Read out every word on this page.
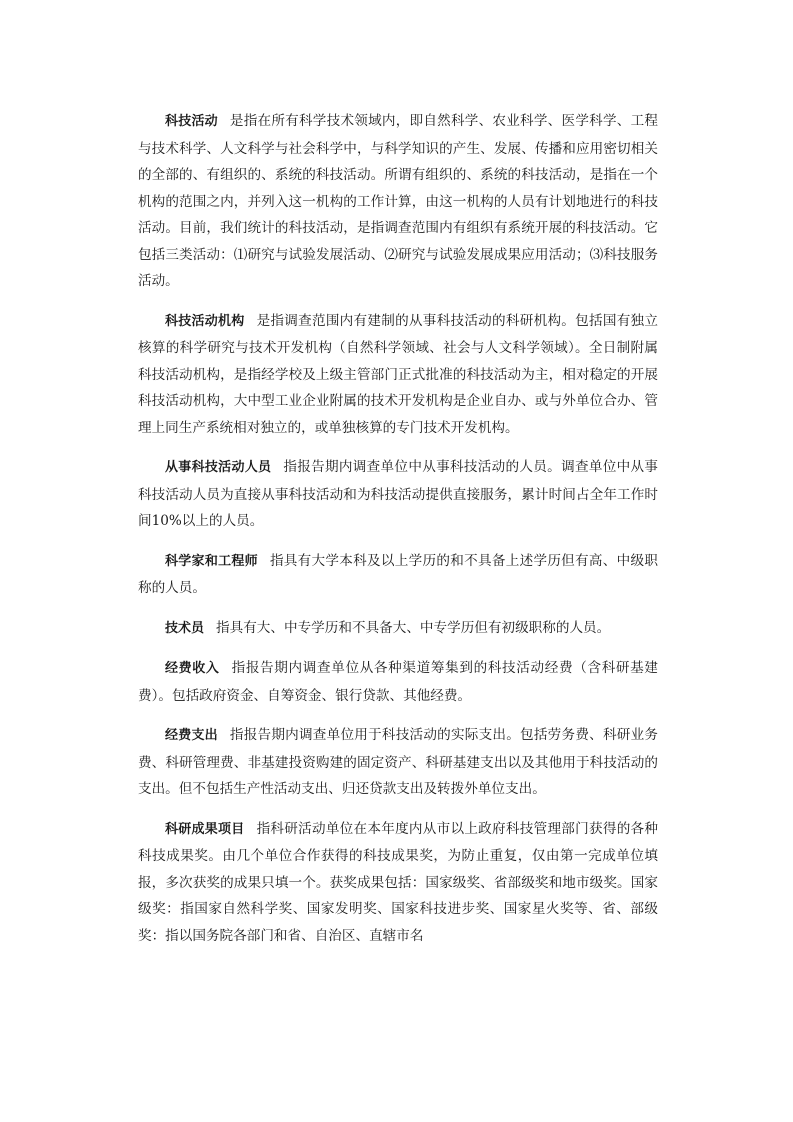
科技活动 是指在所有科学技术领域内，即自然科学、农业科学、医学科学、工程与技术科学、人文科学与社会科学中，与科学知识的产生、发展、传播和应用密切相关的全部的、有组织的、系统的科技活动。所谓有组织的、系统的科技活动，是指在一个机构的范围之内，并列入这一机构的工作计算，由这一机构的人员有计划地进行的科技活动。目前，我们统计的科技活动，是指调查范围内有组织有系统开展的科技活动。它包括三类活动：⑴研究与试验发展活动、⑵研究与试验发展成果应用活动；⑶科技服务活动。

科技活动机构 是指调查范围内有建制的从事科技活动的科研机构。包括国有独立核算的科学研究与技术开发机构（自然科学领域、社会与人文科学领域）。全日制附属科技活动机构，是指经学校及上级主管部门正式批准的科技活动为主，相对稳定的开展科技活动机构，大中型工业企业附属的技术开发机构是企业自办、或与外单位合办、管理上同生产系统相对独立的，或单独核算的专门技术开发机构。

从事科技活动人员 指报告期内调查单位中从事科技活动的人员。调查单位中从事科技活动人员为直接从事科技活动和为科技活动提供直接服务，累计时间占全年工作时间10%以上的人员。

科学家和工程师 指具有大学本科及以上学历的和不具备上述学历但有高、中级职称的人员。

技术员 指具有大、中专学历和不具备大、中专学历但有初级职称的人员。

经费收入 指报告期内调查单位从各种渠道筹集到的科技活动经费（含科研基建费）。包括政府资金、自筹资金、银行贷款、其他经费。

经费支出 指报告期内调查单位用于科技活动的实际支出。包括劳务费、科研业务费、科研管理费、非基建投资购建的固定资产、科研基建支出以及其他用于科技活动的支出。但不包括生产性活动支出、归还贷款支出及转拨外单位支出。

科研成果项目 指科研活动单位在本年度内从市以上政府科技管理部门获得的各种科技成果奖。由几个单位合作获得的科技成果奖，为防止重复，仅由第一完成单位填报，多次获奖的成果只填一个。获奖成果包括：国家级奖、省部级奖和地市级奖。国家级奖：指国家自然科学奖、国家发明奖、国家科技进步奖、国家星火奖等、省、部级奖：指以国务院各部门和省、自治区、直辖市名
